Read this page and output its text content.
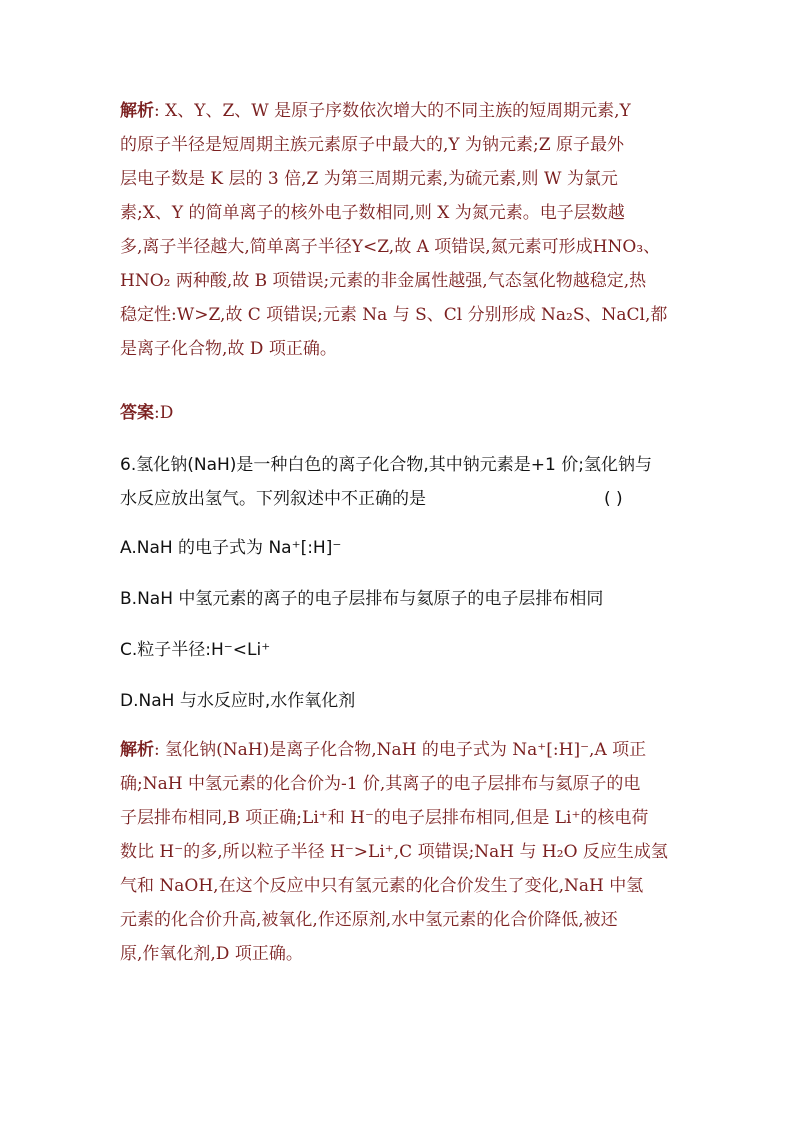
解析: X、Y、Z、W 是原子序数依次增大的不同主族的短周期元素,Y
的原子半径是短周期主族元素原子中最大的,Y 为钠元素;Z 原子最外
层电子数是 K 层的 3 倍,Z 为第三周期元素,为硫元素,则 W 为氯元
素;X、Y 的简单离子的核外电子数相同,则 X 为氮元素。电子层数越
多,离子半径越大,简单离子半径Y<Z,故 A 项错误,氮元素可形成HNO₃、
HNO₂ 两种酸,故 B 项错误;元素的非金属性越强,气态氢化物越稳定,热
稳定性:W>Z,故 C 项错误;元素 Na 与 S、Cl 分别形成 Na₂S、NaCl,都
是离子化合物,故 D 项正确。
答案:D
6.氢化钠(NaH)是一种白色的离子化合物,其中钠元素是+1 价;氢化钠与
水反应放出氢气。下列叙述中不正确的是	( )
A.NaH 的电子式为 Na⁺[:H]⁻
B.NaH 中氢元素的离子的电子层排布与氦原子的电子层排布相同
C.粒子半径:H⁻<Li⁺
D.NaH 与水反应时,水作氧化剂
解析: 氢化钠(NaH)是离子化合物,NaH 的电子式为 Na⁺[:H]⁻,A 项正
确;NaH 中氢元素的化合价为-1 价,其离子的电子层排布与氦原子的电
子层排布相同,B 项正确;Li⁺和 H⁻的电子层排布相同,但是 Li⁺的核电荷
数比 H⁻的多,所以粒子半径 H⁻>Li⁺,C 项错误;NaH 与 H₂O 反应生成氢
气和 NaOH,在这个反应中只有氢元素的化合价发生了变化,NaH 中氢
元素的化合价升高,被氧化,作还原剂,水中氢元素的化合价降低,被还
原,作氧化剂,D 项正确。
